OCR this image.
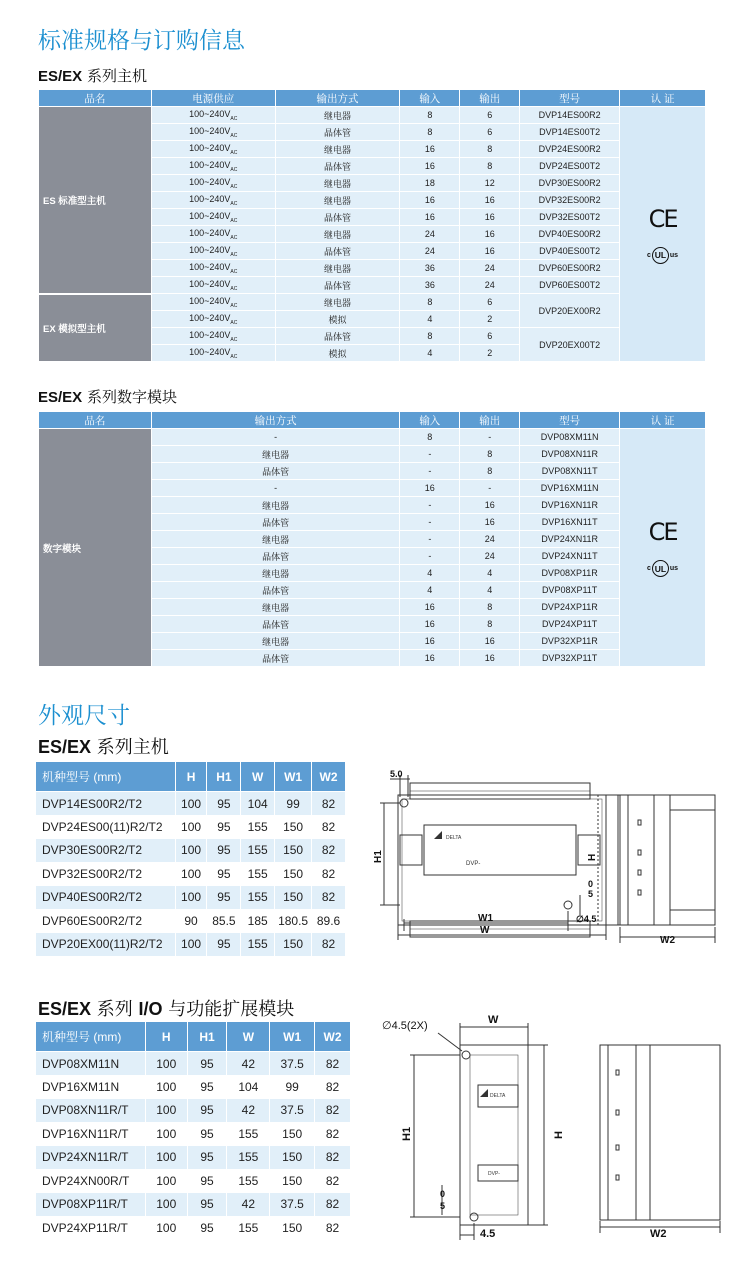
标准规格与订购信息
ES/EX 系列主机
品名	电源供应	输出方式	输入	输出	型号	认 证
ES 标准型主机	$100\sim 240V_{AC}$	继电器	8	6	DVP14ES00R2	CE
c UL us

	$100\sim 240V_{AC}$	晶体管	8	6	DVP14ES00T2	
	$100\sim 240V_{AC}$	继电器	16	8	DVP24ES00R2	
	$100\sim 240V_{AC}$	晶体管	16	8	DVP24ES00T2	
	$100\sim 240V_{AC}$	继电器	18	12	DVP30ES00R2	
	$100\sim 240V_{AC}$	继电器	16	16	DVP32ES00R2	
	$100\sim 240V_{AC}$	晶体管	16	16	DVP32ES00T2	
	$100\sim 240V_{AC}$	继电器	24	16	DVP40ES00R2	
	$100\sim 240V_{AC}$	晶体管	24	16	DVP40ES00T2	
	$100\sim 240V_{AC}$	继电器	36	24	DVP60ES00R2	
	$100\sim 240V_{AC}$	晶体管	36	24	DVP60ES00T2	
EX 模拟型主机	$100\sim 240V_{AC}$	继电器	8	6	DVP20EX00R2	
	$100\sim 240V_{AC}$	模拟	4	2		
	$100\sim 240V_{AC}$	晶体管	8	6	DVP20EX00T2	
	$100\sim 240V_{AC}$	模拟	4	2		
ES/EX 系列数字模块
品名	输出方式	输入	输出	型号	认 证
数字模块	-	8	-	DVP08XM11N	CE
c UL us

	继电器	-	8	DVP08XN11R	
	晶体管	-	8	DVP08XN11T	
	-	16	-	DVP16XM11N	
	继电器	-	16	DVP16XN11R	
	晶体管	-	16	DVP16XN11T	
	继电器	-	24	DVP24XN11R	
	晶体管	-	24	DVP24XN11T	
	继电器	4	4	DVP08XP11R	
	晶体管	4	4	DVP08XP11T	
	继电器	16	8	DVP24XP11R	
	晶体管	16	8	DVP24XP11T	
	继电器	16	16	DVP32XP11R	
	晶体管	16	16	DVP32XP11T	
外观尺寸
ES/EX 系列主机
机种型号 (mm)	H	H1	W	W1	W2
DVP14ES00R2/T2	100	95	104	99	82
DVP24ES00(11)R2/T2	100	95	155	150	82
DVP30ES00R2/T2	100	95	155	150	82
DVP32ES00R2/T2	100	95	155	150	82
DVP40ES00R2/T2	100	95	155	150	82
DVP60ES00R2/T2	90	85.5	185	180.5	89.6
DVP20EX00(11)R2/T2	100	95	155	150	82
DELTA
DVP-
5.0
H1	H
0
5
∅4.5
W1
W
W2
ES/EX 系列 I/O 与功能扩展模块
机种型号 (mm)	H	H1	W	W1	W2
DVP08XM11N	100	95	42	37.5	82
DVP16XM11N	100	95	104	99	82
DVP08XN11R/T	100	95	42	37.5	82
DVP16XN11R/T	100	95	155	150	82
DVP24XN11R/T	100	95	155	150	82
DVP24XN00R/T	100	95	155	150	82
DVP08XP11R/T	100	95	42	37.5	82
DVP24XP11R/T	100	95	155	150	82
DELTA
DVP-
∅4.5(2X)	W
H1	H
0
5
4.5	W2
